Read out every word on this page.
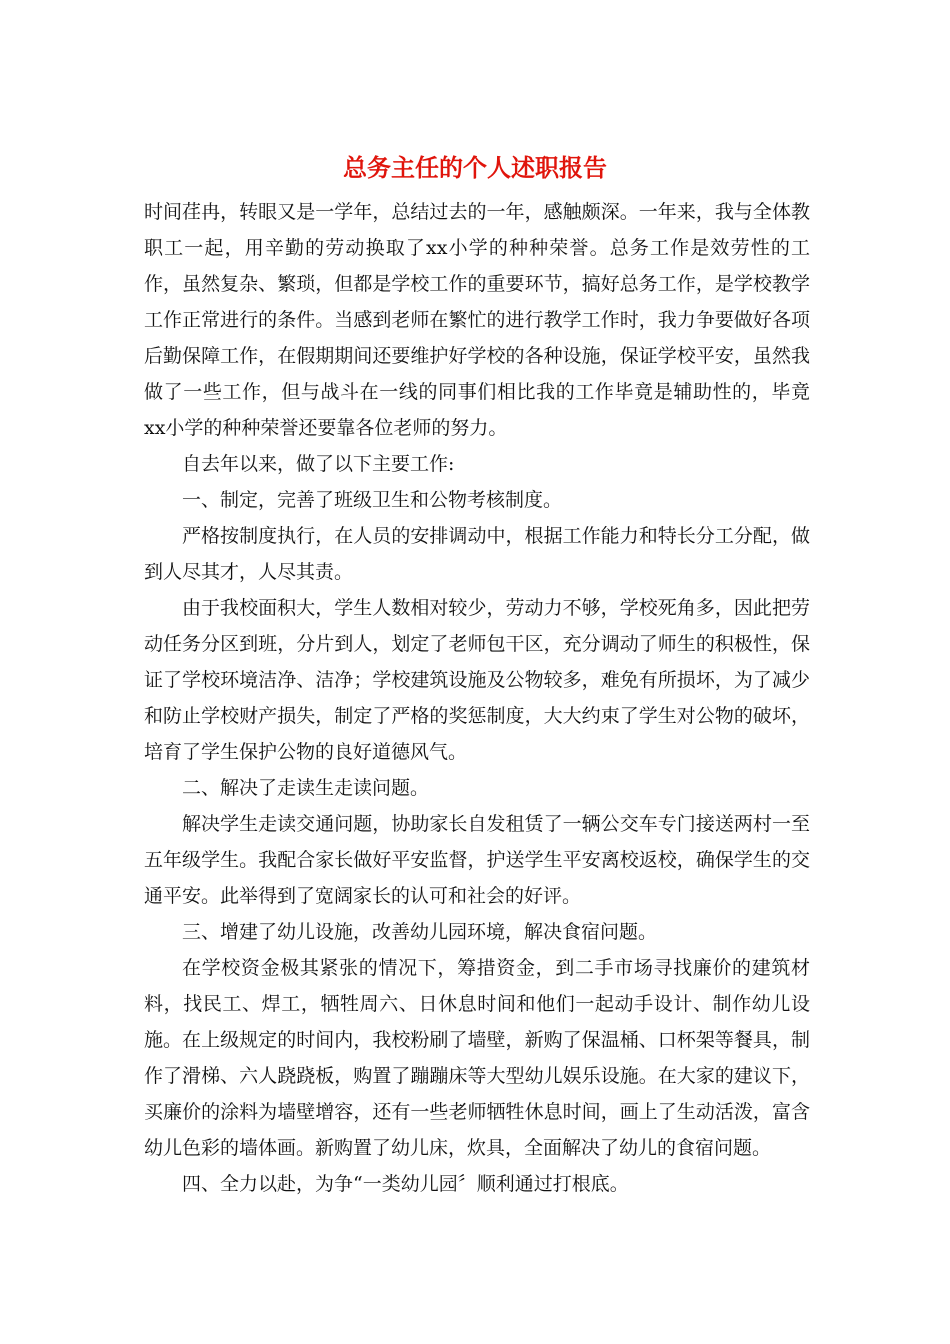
总务主任的个人述职报告

时间荏冉，转眼又是一学年，总结过去的一年，感触颇深。一年来，我与全体教职工一起，用辛勤的劳动换取了xx小学的种种荣誉。总务工作是效劳性的工作，虽然复杂、繁琐，但都是学校工作的重要环节，搞好总务工作，是学校教学工作正常进行的条件。当感到老师在繁忙的进行教学工作时，我力争要做好各项后勤保障工作，在假期期间还要维护好学校的各种设施，保证学校平安，虽然我做了一些工作，但与战斗在一线的同事们相比我的工作毕竟是辅助性的，毕竟xx小学的种种荣誉还要靠各位老师的努力。

自去年以来，做了以下主要工作:

一、制定，完善了班级卫生和公物考核制度。

严格按制度执行，在人员的安排调动中，根据工作能力和特长分工分配，做到人尽其才，人尽其责。

由于我校面积大，学生人数相对较少，劳动力不够，学校死角多，因此把劳动任务分区到班，分片到人，划定了老师包干区，充分调动了师生的积极性，保证了学校环境洁净、洁净；学校建筑设施及公物较多，难免有所损坏，为了减少和防止学校财产损失，制定了严格的奖惩制度，大大约束了学生对公物的破坏，培育了学生保护公物的良好道德风气。

二、解决了走读生走读问题。

解决学生走读交通问题，协助家长自发租赁了一辆公交车专门接送两村一至五年级学生。我配合家长做好平安监督，护送学生平安离校返校，确保学生的交通平安。此举得到了宽阔家长的认可和社会的好评。

三、增建了幼儿设施，改善幼儿园环境，解决食宿问题。

在学校资金极其紧张的情况下，筹措资金，到二手市场寻找廉价的建筑材料，找民工、焊工，牺牲周六、日休息时间和他们一起动手设计、制作幼儿设施。在上级规定的时间内，我校粉刷了墙壁，新购了保温桶、口杯架等餐具，制作了滑梯、六人跷跷板，购置了蹦蹦床等大型幼儿娱乐设施。在大家的建议下，买廉价的涂料为墙壁增容，还有一些老师牺牲休息时间，画上了生动活泼，富含幼儿色彩的墙体画。新购置了幼儿床，炊具，全面解决了幼儿的食宿问题。

四、全力以赴，为争“一类幼儿园〞顺利通过打根底。
